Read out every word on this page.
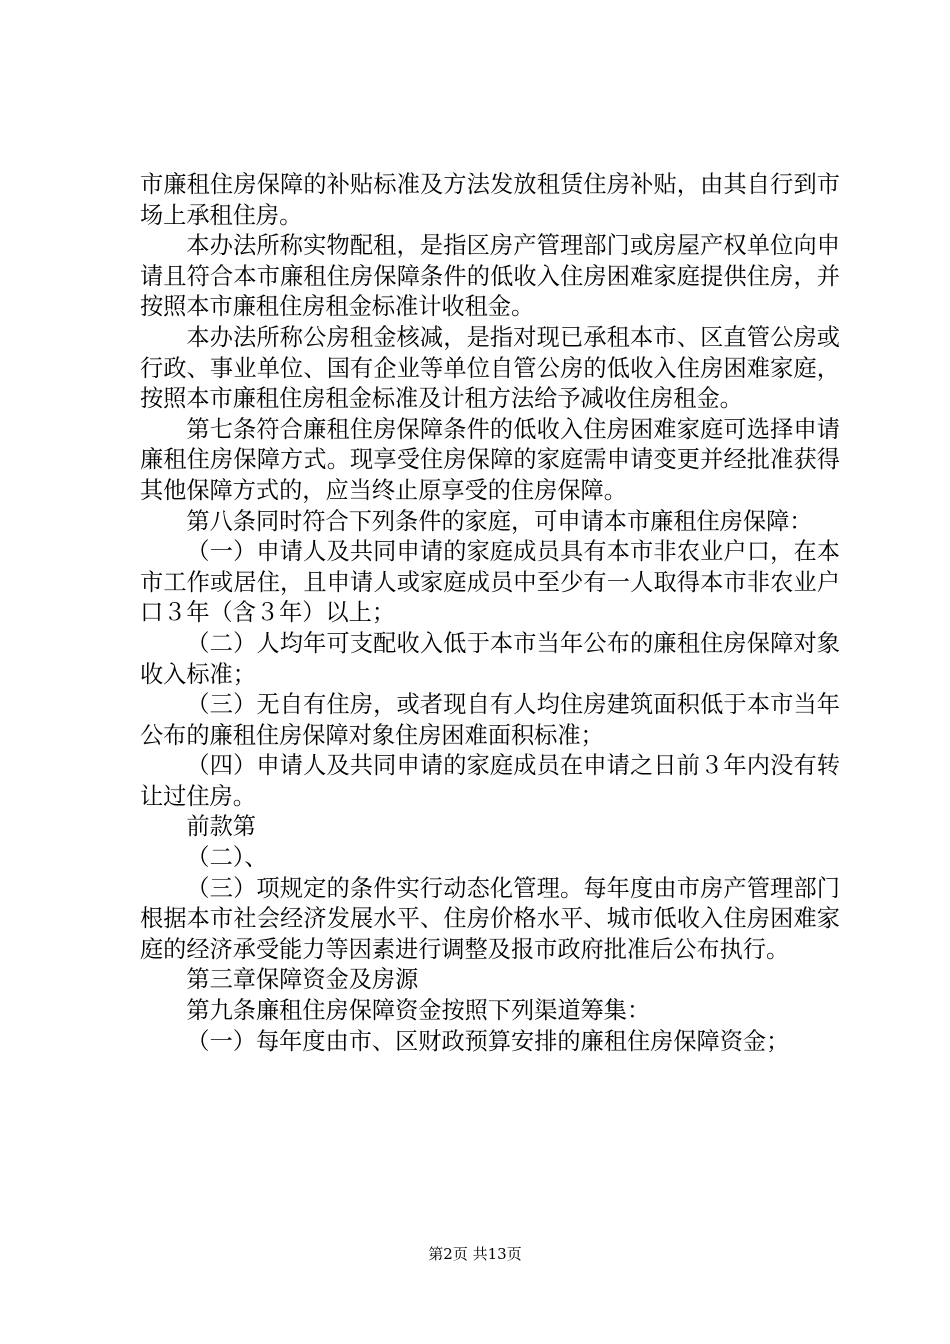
市廉租住房保障的补贴标准及方法发放租赁住房补贴，由其自行到市场上承租住房。

本办法所称实物配租，是指区房产管理部门或房屋产权单位向申请且符合本市廉租住房保障条件的低收入住房困难家庭提供住房，并按照本市廉租住房租金标准计收租金。

本办法所称公房租金核减，是指对现已承租本市、区直管公房或行政、事业单位、国有企业等单位自管公房的低收入住房困难家庭，按照本市廉租住房租金标准及计租方法给予减收住房租金。

第七条符合廉租住房保障条件的低收入住房困难家庭可选择申请廉租住房保障方式。现享受住房保障的家庭需申请变更并经批准获得其他保障方式的，应当终止原享受的住房保障。

第八条同时符合下列条件的家庭，可申请本市廉租住房保障：

（一）申请人及共同申请的家庭成员具有本市非农业户口，在本市工作或居住，且申请人或家庭成员中至少有一人取得本市非农业户口３年（含３年）以上；

（二）人均年可支配收入低于本市当年公布的廉租住房保障对象收入标准；

（三）无自有住房，或者现自有人均住房建筑面积低于本市当年公布的廉租住房保障对象住房困难面积标准；

（四）申请人及共同申请的家庭成员在申请之日前３年内没有转让过住房。

前款第

（二）、

（三）项规定的条件实行动态化管理。每年度由市房产管理部门根据本市社会经济发展水平、住房价格水平、城市低收入住房困难家庭的经济承受能力等因素进行调整及报市政府批准后公布执行。

第三章保障资金及房源

第九条廉租住房保障资金按照下列渠道筹集：

（一）每年度由市、区财政预算安排的廉租住房保障资金；

第2页 共13页
